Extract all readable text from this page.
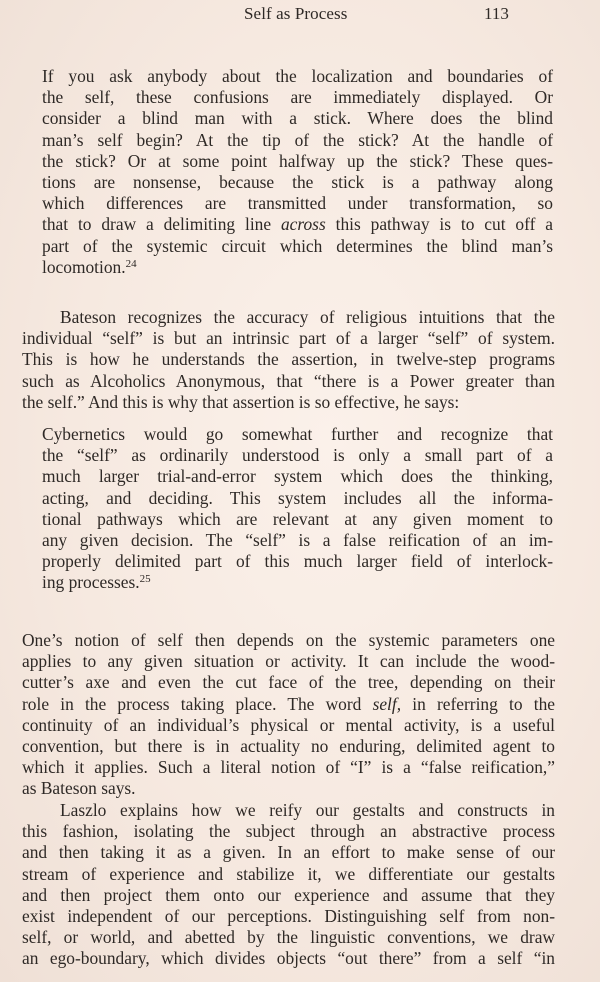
Self as Process	113
If you ask anybody about the localization and boundaries of
the self, these confusions are immediately displayed. Or
consider a blind man with a stick. Where does the blind
man’s self begin? At the tip of the stick? At the handle of
the stick? Or at some point halfway up the stick? These ques-
tions are nonsense, because the stick is a pathway along
which differences are transmitted under transformation, so
that to draw a delimiting line across this pathway is to cut off a
part of the systemic circuit which determines the blind man’s
locomotion.$^{24}$
Bateson recognizes the accuracy of religious intuitions that the
individual “self” is but an intrinsic part of a larger “self” of system.
This is how he understands the assertion, in twelve-step programs
such as Alcoholics Anonymous, that “there is a Power greater than
the self.” And this is why that assertion is so effective, he says:
Cybernetics would go somewhat further and recognize that
the “self” as ordinarily understood is only a small part of a
much larger trial-and-error system which does the thinking,
acting, and deciding. This system includes all the informa-
tional pathways which are relevant at any given moment to
any given decision. The “self” is a false reification of an im-
properly delimited part of this much larger field of interlock-
ing processes.$^{25}$
One’s notion of self then depends on the systemic parameters one
applies to any given situation or activity. It can include the wood-
cutter’s axe and even the cut face of the tree, depending on their
role in the process taking place. The word self, in referring to the
continuity of an individual’s physical or mental activity, is a useful
convention, but there is in actuality no enduring, delimited agent to
which it applies. Such a literal notion of “I” is a “false reification,”
as Bateson says.
Laszlo explains how we reify our gestalts and constructs in
this fashion, isolating the subject through an abstractive process
and then taking it as a given. In an effort to make sense of our
stream of experience and stabilize it, we differentiate our gestalts
and then project them onto our experience and assume that they
exist independent of our perceptions. Distinguishing self from non-
self, or world, and abetted by the linguistic conventions, we draw
an ego-boundary, which divides objects “out there” from a self “in
